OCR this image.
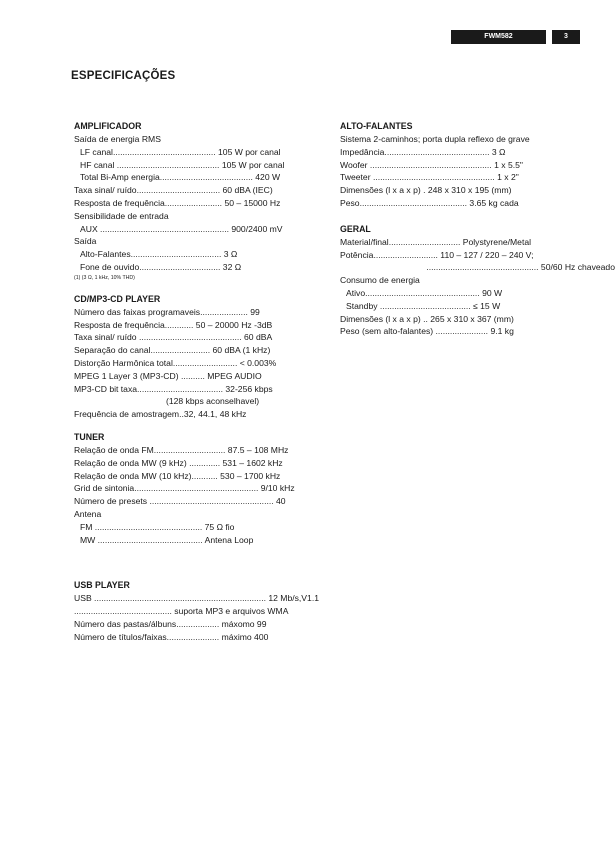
FWM582	3
ESPECIFICAÇÕES
AMPLIFICADOR
Saída de energia RMS
LF canal........................................... 105 W por canal
HF canal ........................................... 105 W por canal
Total Bi-Amp energia....................................... 420 W
Taxa sinal/ ruído................................... 60 dBA (IEC)
Resposta de frequência........................ 50 – 15000 Hz
Sensibilidade de entrada
AUX ...................................................... 900/2400 mV
Saída
Alto-Falantes...................................... 3 Ω
Fone de ouvido.................................. 32 Ω
(1) (3 Ω, 1 kHz, 10% THD)
CD/MP3-CD PLAYER
Número das faixas programaveis.................... 99
Resposta de frequência............ 50 – 20000 Hz -3dB
Taxa sinal/ ruído ........................................... 60 dBA
Separação do canal......................... 60 dBA (1 kHz)
Distorção Harmônica total........................... < 0.003%
MPEG 1 Layer 3 (MP3-CD) .......... MPEG AUDIO
MP3-CD bit taxa.................................... 32-256 kbps
(128 kbps aconselhavel)
Frequência de amostragem..32, 44.1, 48 kHz
TUNER
Relação de onda FM.............................. 87.5 – 108 MHz
Relação de onda MW (9 kHz) ............. 531 – 1602 kHz
Relação de onda MW (10 kHz)........... 530 – 1700 kHz
Grid de sintonia.................................................... 9/10 kHz
Número de presets .................................................... 40
Antena
FM ............................................. 75 Ω fio
MW ............................................ Antena Loop
USB PLAYER
USB ........................................................................ 12 Mb/s,V1.1
......................................... suporta MP3 e arquivos WMA
Número das pastas/álbuns.................. máxomo 99
Número de títulos/faixas...................... máximo 400
ALTO-FALANTES
Sistema 2-caminhos; porta dupla reflexo de grave
Impedância............................................ 3 Ω
Woofer ................................................... 1 x 5.5"
Tweeter ................................................... 1 x 2"
Dimensões (l x a x p) . 248 x 310 x 195 (mm)
Peso............................................. 3.65 kg cada
GERAL
Material/final.............................. Polystyrene/Metal
Potência........................... 110 – 127 / 220 – 240 V;
............................................... 50/60 Hz chaveado
Consumo de energia
Ativo................................................ 90 W
Standby ...................................... ≤ 15 W
Dimensões (l x a x p) .. 265 x 310 x 367 (mm)
Peso (sem alto-falantes) ...................... 9.1 kg
